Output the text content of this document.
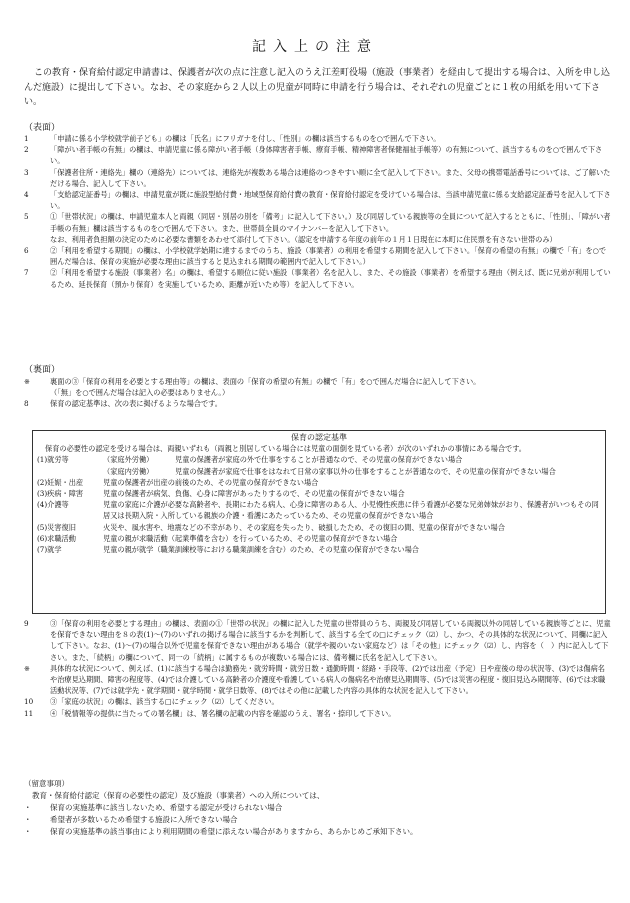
記入上の注意
この教育・保育給付認定申請書は、保護者が次の点に注意し記入のうえ江差町役場（施設（事業者）を経由して提出する場合は、入所を申し込んだ施設）に提出して下さい。なお、その家庭から２人以上の児童が同時に申請を行う場合は、それぞれの児童ごとに１枚の用紙を用いて下さい。
（表面）
1	「申請に係る小学校就学前子ども」の欄は「氏名」にフリガナを付し、「性別」の欄は該当するものを○で囲んで下さい。
2	「障がい者手帳の有無」の欄は、申請児童に係る障がい者手帳（身体障害者手帳、療育手帳、精神障害者保健福祉手帳等）の有無について、該当するものを○で囲んで下さい。
3	「保護者住所・連絡先」欄の（連絡先）については、連絡先が複数ある場合は連絡のつきやすい順に全て記入して下さい。また、父母の携帯電話番号については、ご了解いただける場合、記入して下さい。
4	「支給認定証番号」の欄は、申請児童が既に施設型給付費・地域型保育給付費の教育・保育給付認定を受けている場合は、当該申請児童に係る支給認定証番号を記入して下さい。
5	①「世帯状況」の欄は、申請児童本人と両親（同居・別居の別を「備考」に記入して下さい。）及び同居している親族等の全員について記入するとともに、「性別」、「障がい者手帳の有無」欄は該当するものを○で囲んで下さい。また、世帯員全員のマイナンバーを記入して下さい。
なお、利用者負担額の決定のために必要な書類をあわせて添付して下さい。（認定を申請する年度の前年の１月１日現在に本町に住民票を有さない世帯のみ）
6	②「利用を希望する期間」の欄は、小学校就学始期に達するまでのうち、施設（事業者）の利用を希望する期間を記入して下さい。「保育の希望の有無」の欄で「有」を○で囲んだ場合は、保育の実施が必要な理由に該当すると見込まれる期間の範囲内で記入して下さい。）
7	②「利用を希望する施設（事業者）名」の欄は、希望する順位に従い施設（事業者）名を記入し、また、その施設（事業者）を希望する理由（例えば、既に兄弟が利用しているため、延長保育（預かり保育）を実施しているため、距離が近いため等）を記入して下さい。
（裏面）
※	裏面の③「保育の利用を必要とする理由等」の欄は、表面の「保育の希望の有無」の欄で「有」を○で囲んだ場合に記入して下さい。
（「無」を○で囲んだ場合は記入の必要はありません。）
8	保育の認定基準は、次の表に掲げるような場合です。
保育の認定基準
保育の必要性の認定を受ける場合は、両親いずれも（両親と別居している場合には児童の面倒を見ている者）が次のいずれかの事情にある場合です。
(1)就労等	（家庭外労働）	児童の保護者が家庭の外で仕事をすることが普通なので、その児童の保育ができない場合
（家庭内労働）	児童の保護者が家庭で仕事をはなれて日常の家事以外の仕事をすることが普通なので、その児童の保育ができない場合
(2)妊娠・出産	児童の保護者が出産の前後のため、その児童の保育ができない場合
(3)疾病・障害	児童の保護者が病気、負傷、心身に障害があったりするので、その児童の保育ができない場合
(4)介護等	児童の家庭に介護が必要な高齢者や、長期にわたる病人、心身に障害のある人、小児慢性疾患に伴う看護が必要な兄弟姉妹がおり、保護者がいつもその同居又は長期入院・入所している親族の介護・看護にあたっているため、その児童の保育ができない場合
(5)災害復旧	火災や、風水害や、地震などの不幸があり、その家庭を失ったり、破損したため、その復旧の間、児童の保育ができない場合
(6)求職活動	児童の親が求職活動（起業準備を含む）を行っているため、その児童の保育ができない場合
(7)就学	児童の親が就学（職業訓練校等における職業訓練を含む）のため、その児童の保育ができない場合
9	③「保育の利用を必要とする理由」の欄は、表面の①「世帯の状況」の欄に記入した児童の世帯員のうち、両親及び同居している両親以外の同居している親族等ごとに、児童を保育できない理由を８の表(1)〜(7)のいずれの掲げる場合に該当するかを判断して、該当する全ての□にチェック（☑）し、かつ、その具体的な状況について、同欄に記入して下さい。なお、(1)〜(7)の場合以外で児童を保育できない理由がある場合（就学や親のいない家庭など）は「その他」にチェック（☑）し、内容を（　）内に記入して下さい。また、「続柄」の欄について、同一の「続柄」に属するものが複数いる場合には、備考欄に氏名を記入して下さい。
※	具体的な状況について、例えば、(1)に該当する場合は勤務先・就労時間・就労日数・通勤時間・経路・手段等、(2)では出産（予定）日や産後の母の状況等、(3)では傷病名や治療見込期間、障害の程度等、(4)では介護している高齢者の介護度や看護している病人の傷病名や治療見込期間等、(5)では災害の程度・復旧見込み期間等、(6)では求職活動状況等、(7)では就学先・就学期間・就学時間・就学日数等、(8)ではその他に記載した内容の具体的な状況を記入して下さい。
10	③「家庭の状況」の欄は、該当する□にチェック（☑）してください。
11	④「税情報等の提供に当たっての署名欄」は、署名欄の記載の内容を確認のうえ、署名・捺印して下さい。
（留意事項）
教育・保育給付認定（保育の必要性の認定）及び施設（事業者）への入所については、
・	保育の実施基準に該当しないため、希望する認定が受けられない場合
・	希望者が多数いるため希望する施設に入所できない場合
・	保育の実施基準の該当事由により利用期間の希望に添えない場合がありますから、あらかじめご承知下さい。
